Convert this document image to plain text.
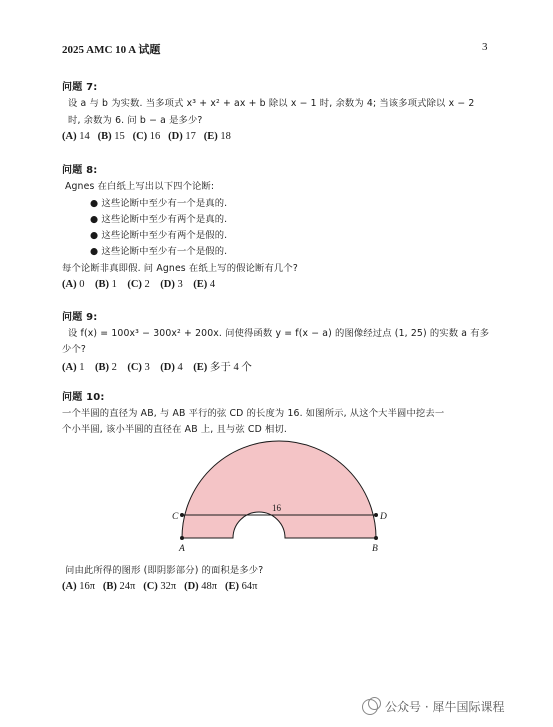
2025 AMC 10 A 试题	3
问题 7:
设 a 与 b 为实数. 当多项式 x³ + x² + ax + b 除以 x − 1 时, 余数为 4; 当该多项式除以 x − 2
时, 余数为 6. 问 b − a 是多少?
(A) 14 (B) 15 (C) 16 (D) 17 (E) 18
问题 8:
Agnes 在白纸上写出以下四个论断:
● 这些论断中至少有一个是真的.
● 这些论断中至少有两个是真的.
● 这些论断中至少有两个是假的.
● 这些论断中至少有一个是假的.
每个论断非真即假. 问 Agnes 在纸上写的假论断有几个?
(A) 0 (B) 1 (C) 2 (D) 3 (E) 4
问题 9:
设 f(x) = 100x³ − 300x² + 200x. 问使得函数 y = f(x − a) 的图像经过点 (1, 25) 的实数 a 有多
少个?
(A) 1 (B) 2 (C) 3 (D) 4 (E) 多于 4 个
问题 10:
一个半圆的直径为 AB, 与 AB 平行的弦 CD 的长度为 16. 如图所示, 从这个大半圆中挖去一
个小半圆, 该小半圆的直径在 AB 上, 且与弦 CD 相切.
16
C	D
A	B
问由此所得的图形 (即阴影部分) 的面积是多少?
(A) 16π (B) 24π (C) 32π (D) 48π (E) 64π
公众号 · 犀牛国际课程
